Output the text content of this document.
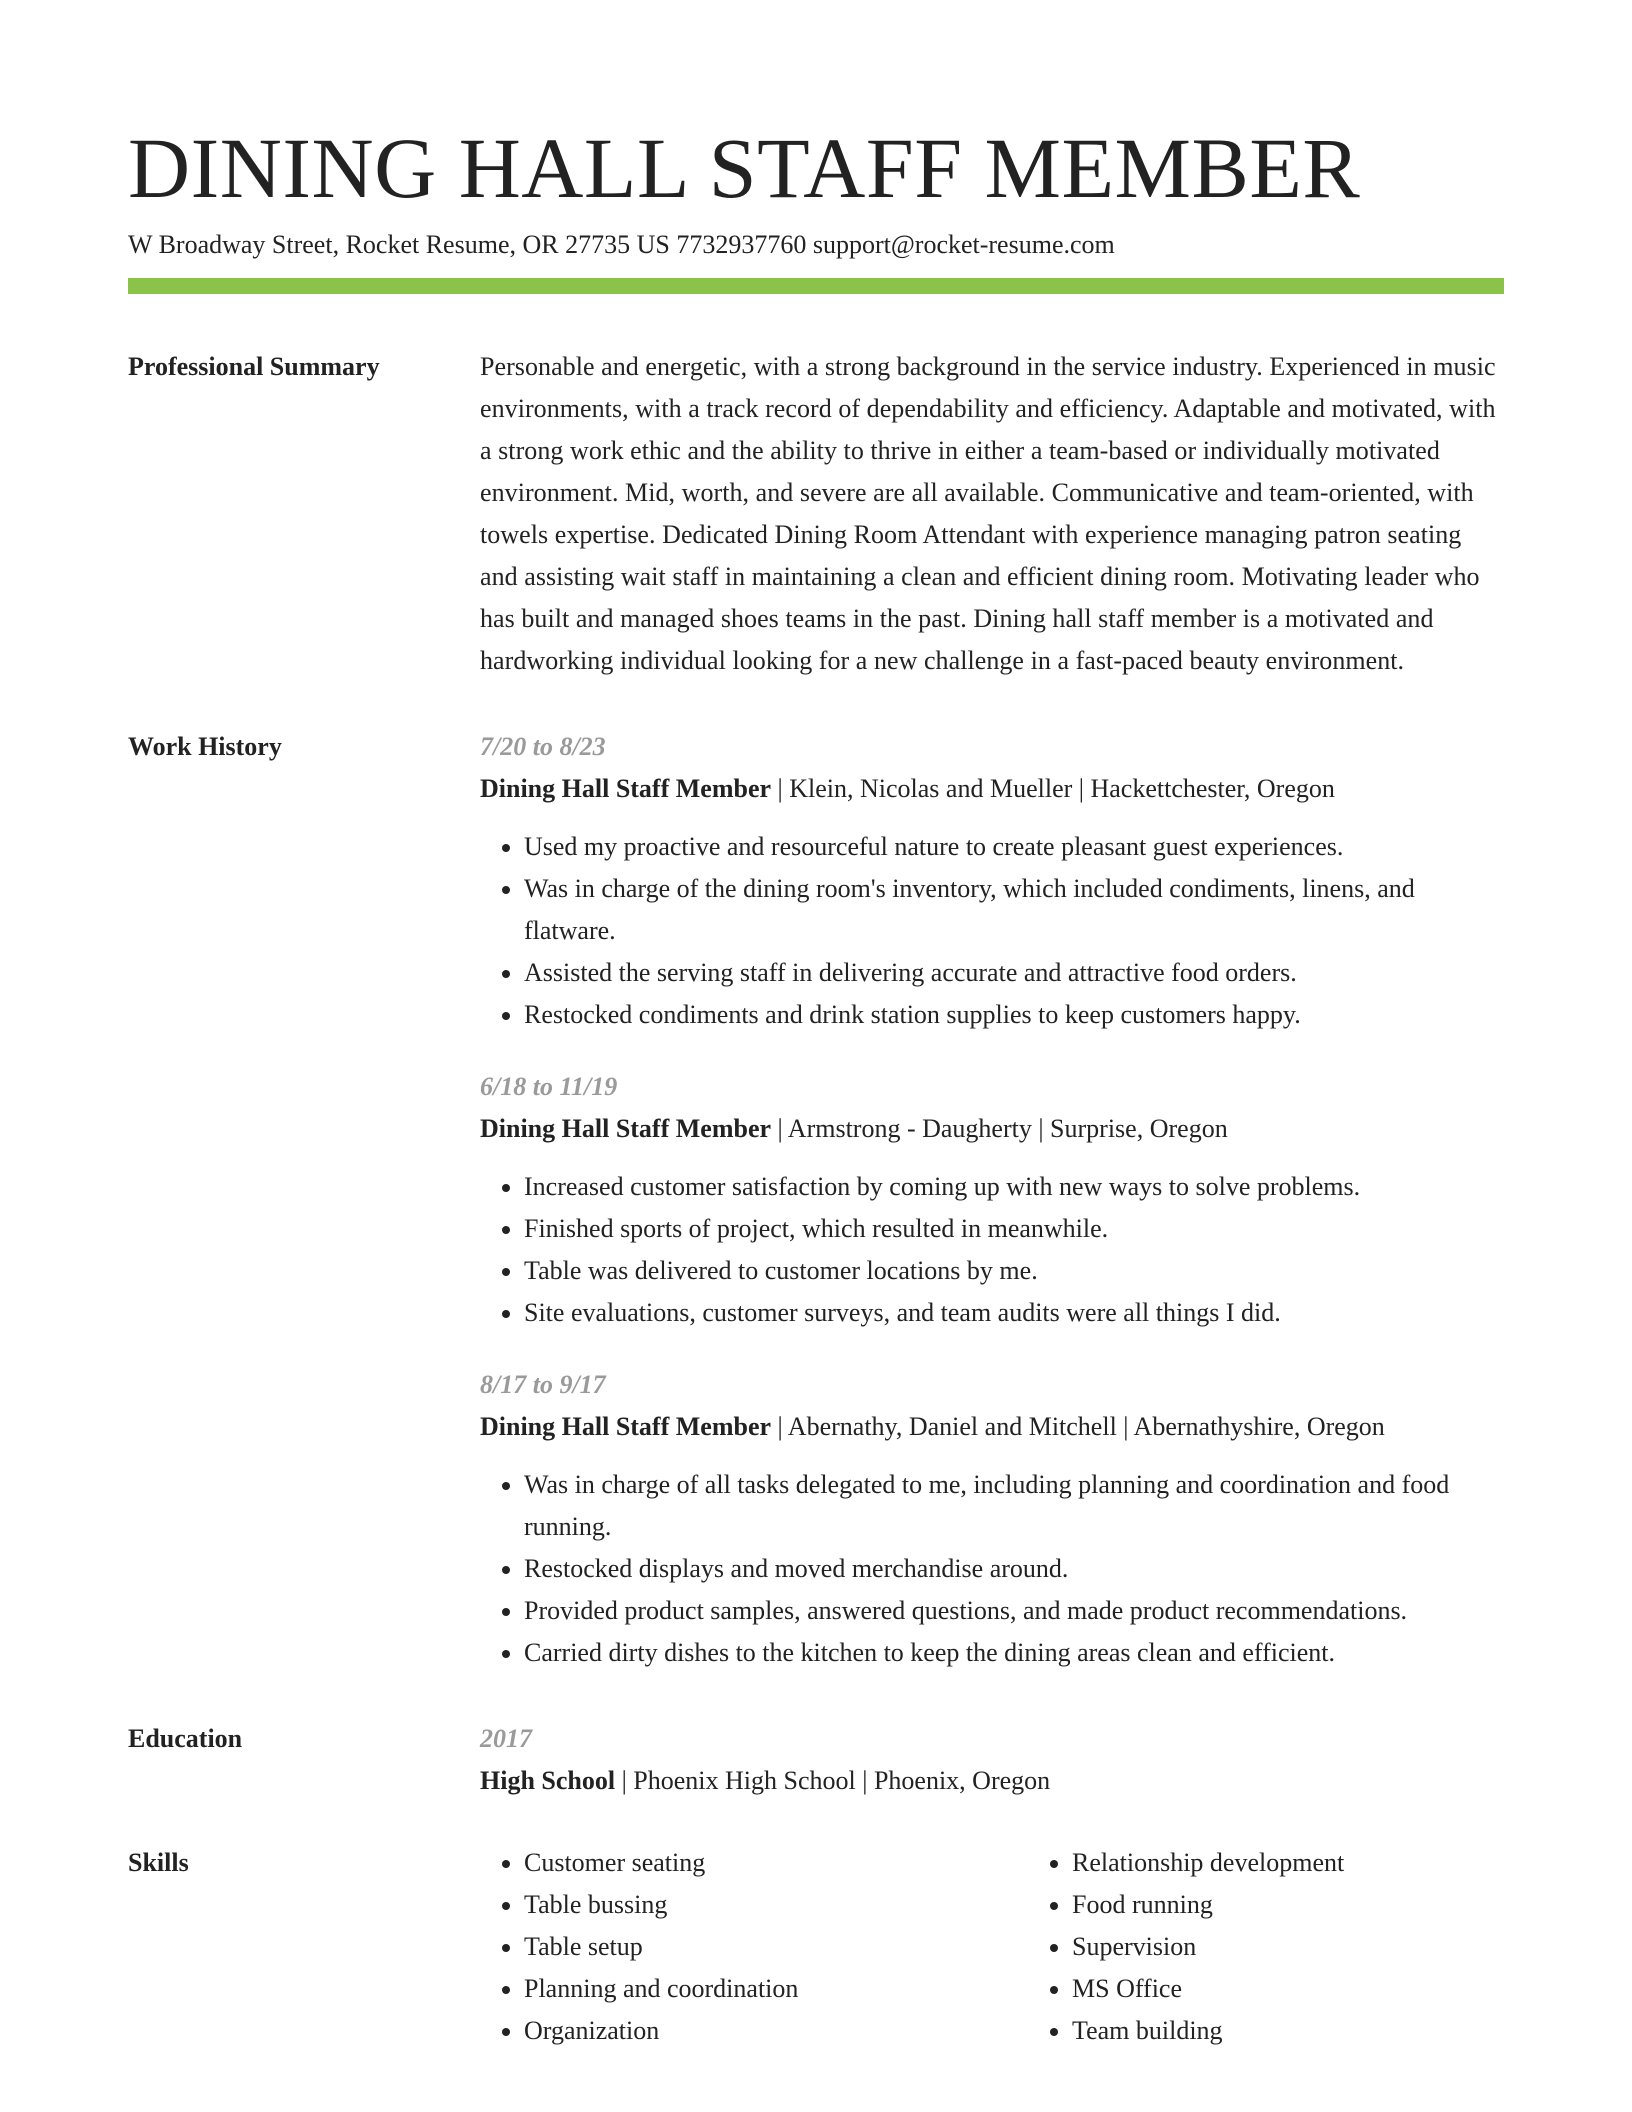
DINING HALL STAFF MEMBER
W Broadway Street, Rocket Resume, OR 27735 US 7732937760 support@rocket-resume.com
Professional Summary	Personable and energetic, with a strong background in the service industry. Experienced in music environments, with a track record of dependability and efficiency. Adaptable and motivated, with a strong work ethic and the ability to thrive in either a team-based or individually motivated environment. Mid, worth, and severe are all available. Communicative and team-oriented, with towels expertise. Dedicated Dining Room Attendant with experience managing patron seating and assisting wait staff in maintaining a clean and efficient dining room. Motivating leader who has built and managed shoes teams in the past. Dining hall staff member is a motivated and hardworking individual looking for a new challenge in a fast-paced beauty environment.

Work History	7/20 to 8/23
Dining Hall Staff Member | Klein, Nicolas and Mueller | Hackettchester, Oregon
• Used my proactive and resourceful nature to create pleasant guest experiences.
• Was in charge of the dining room's inventory, which included condiments, linens, and flatware.
• Assisted the serving staff in delivering accurate and attractive food orders.
• Restocked condiments and drink station supplies to keep customers happy.
6/18 to 11/19
Dining Hall Staff Member | Armstrong - Daugherty | Surprise, Oregon
• Increased customer satisfaction by coming up with new ways to solve problems.
• Finished sports of project, which resulted in meanwhile.
• Table was delivered to customer locations by me.
• Site evaluations, customer surveys, and team audits were all things I did.
8/17 to 9/17
Dining Hall Staff Member | Abernathy, Daniel and Mitchell | Abernathyshire, Oregon
• Was in charge of all tasks delegated to me, including planning and coordination and food running.
• Restocked displays and moved merchandise around.
• Provided product samples, answered questions, and made product recommendations.
• Carried dirty dishes to the kitchen to keep the dining areas clean and efficient.
Education	2017
High School | Phoenix High School | Phoenix, Oregon
Skills
•	Customer seating
• Table bussing
• Table setup
• Planning and coordination
• Organization
• Relationship development
• Food running
• Supervision
• MS Office
• Team building
